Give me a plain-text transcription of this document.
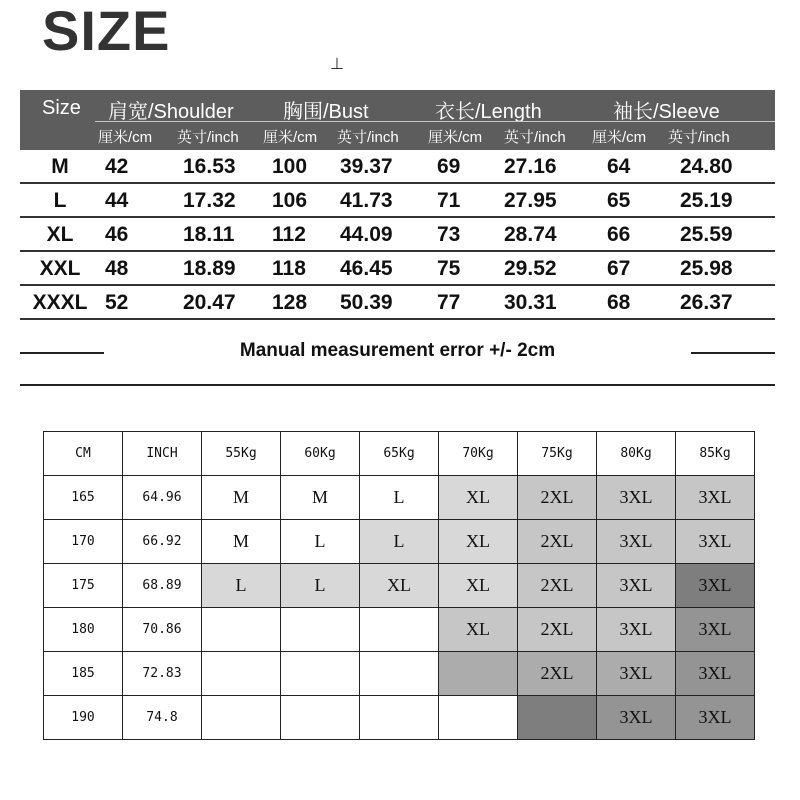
SIZE
⊥
Size 肩宽/Shoulder 胸围/Bust	衣长/Length	袖长/Sleeve
厘米/cm 英寸/inch 厘米/cm 英寸/inch 厘米/cm 英寸/inch 厘米/cm 英寸/inch
M	42	16.53 100 39.37 69 27.16 64 24.80
L	44	17.32 106 41.73 71 27.95 65 25.19
XL	46	18.11 112 44.09 73 28.74 66 25.59
XXL	48	18.89 118 46.45 75 29.52 67 25.98
XXXL 52	20.47 128 50.39 77 30.31 68 26.37
Manual measurement error +/- 2cm
CM	INCH	55Kg	60Kg	65Kg	70Kg	75Kg	80Kg	85Kg
165	64.96	M	M	L	XL	2XL	3XL	3XL
170	66.92	M	L	L	XL	2XL	3XL	3XL
175	68.89	L	L	XL	XL	2XL	3XL	3XL
180	70.86				XL	2XL	3XL	3XL
185	72.83					2XL	3XL	3XL
190	74.8						3XL	3XL
